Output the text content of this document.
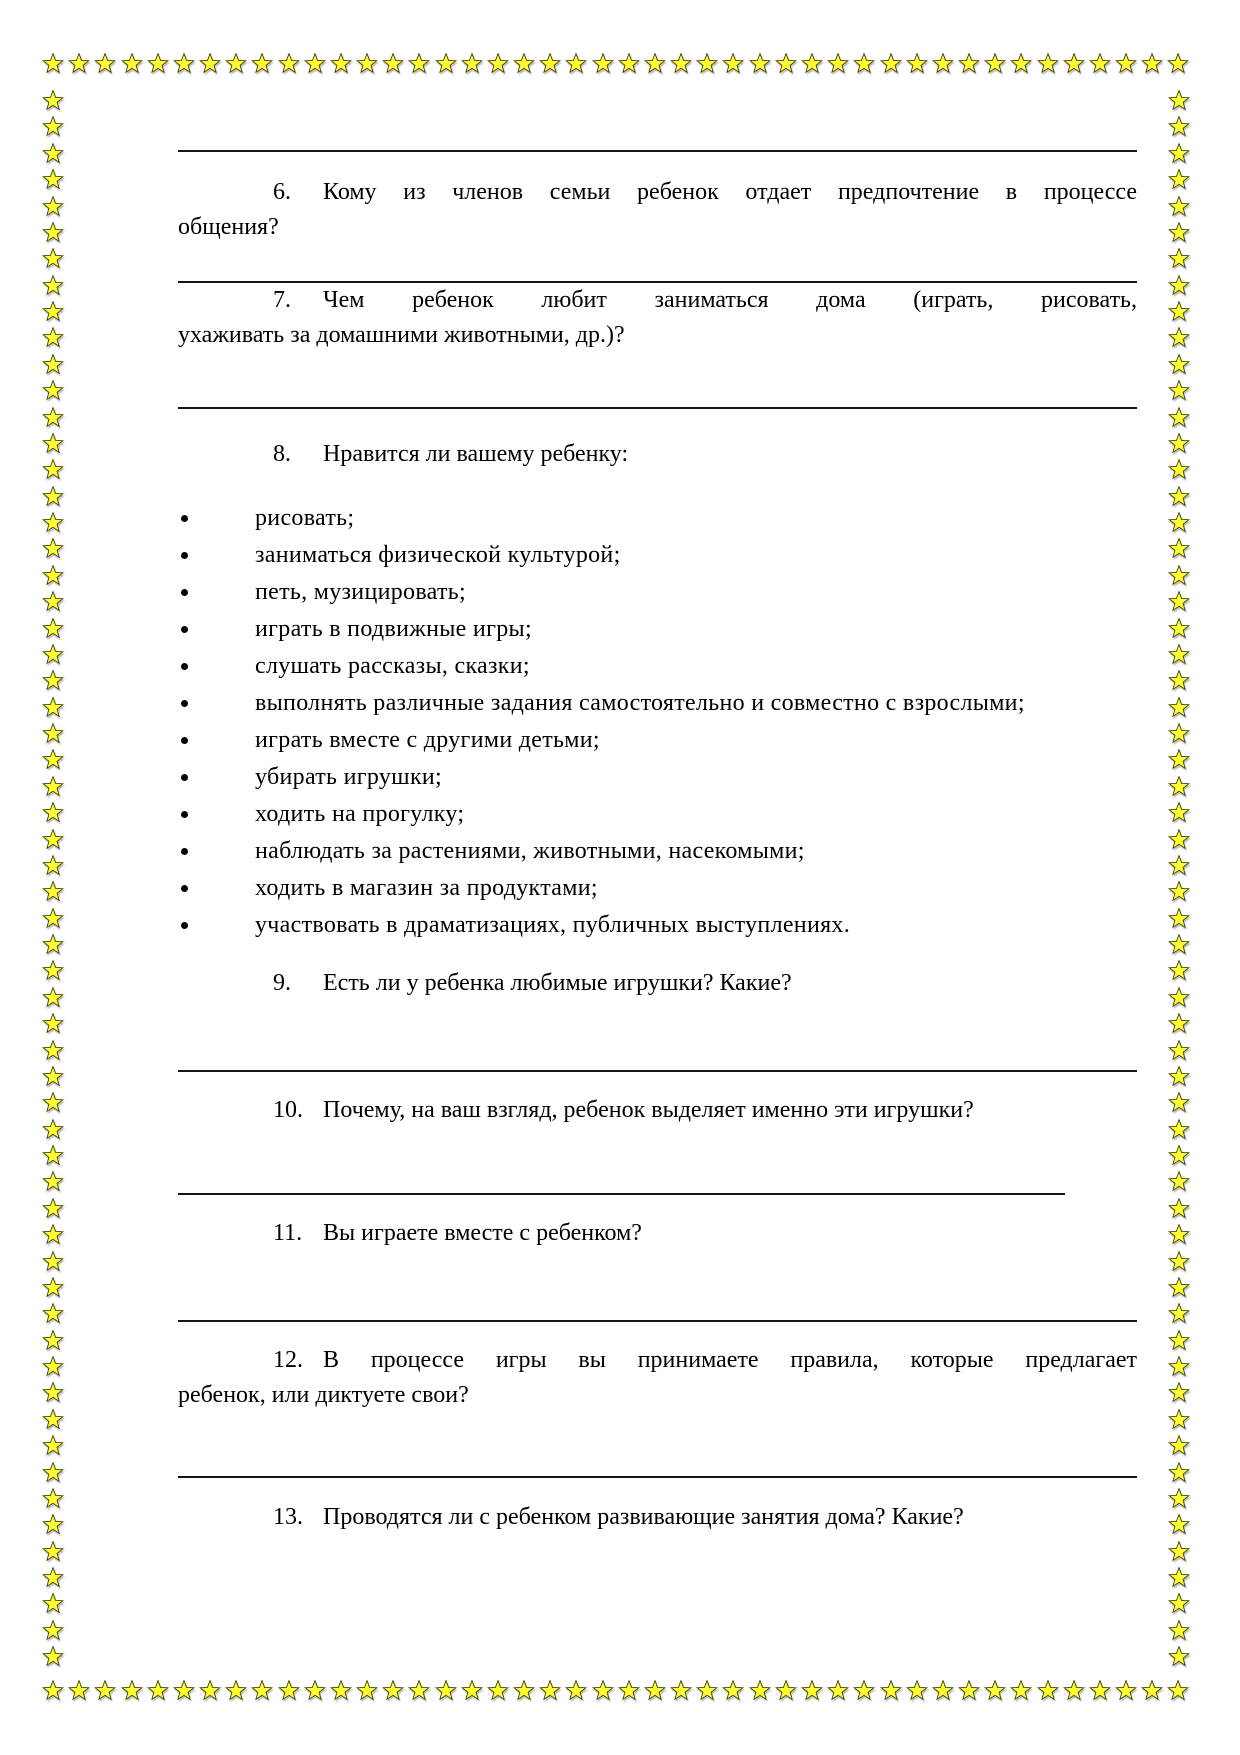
6.	Кому из членов семьи ребенок отдает предпочтение в процессе
общения?
7.	Чем ребенок любит заниматься дома (играть, рисовать,
ухаживать за домашними животными, др.)?
8.	Нравится ли вашему ребенку:
рисовать;
заниматься физической культурой;
петь, музицировать;
играть в подвижные игры;
слушать рассказы, сказки;
выполнять различные задания самостоятельно и совместно с взрослыми;
играть вместе с другими детьми;
убирать игрушки;
ходить на прогулку;
наблюдать за растениями, животными, насекомыми;
ходить в магазин за продуктами;
участвовать в драматизациях, публичных выступлениях.
9.	Есть ли у ребенка любимые игрушки? Какие?
10. Почему, на ваш взгляд, ребенок выделяет именно эти игрушки?
11. Вы играете вместе с ребенком?
12. В процессе игры вы принимаете правила, которые предлагает
ребенок, или диктуете свои?
13. Проводятся ли с ребенком развивающие занятия дома? Какие?
